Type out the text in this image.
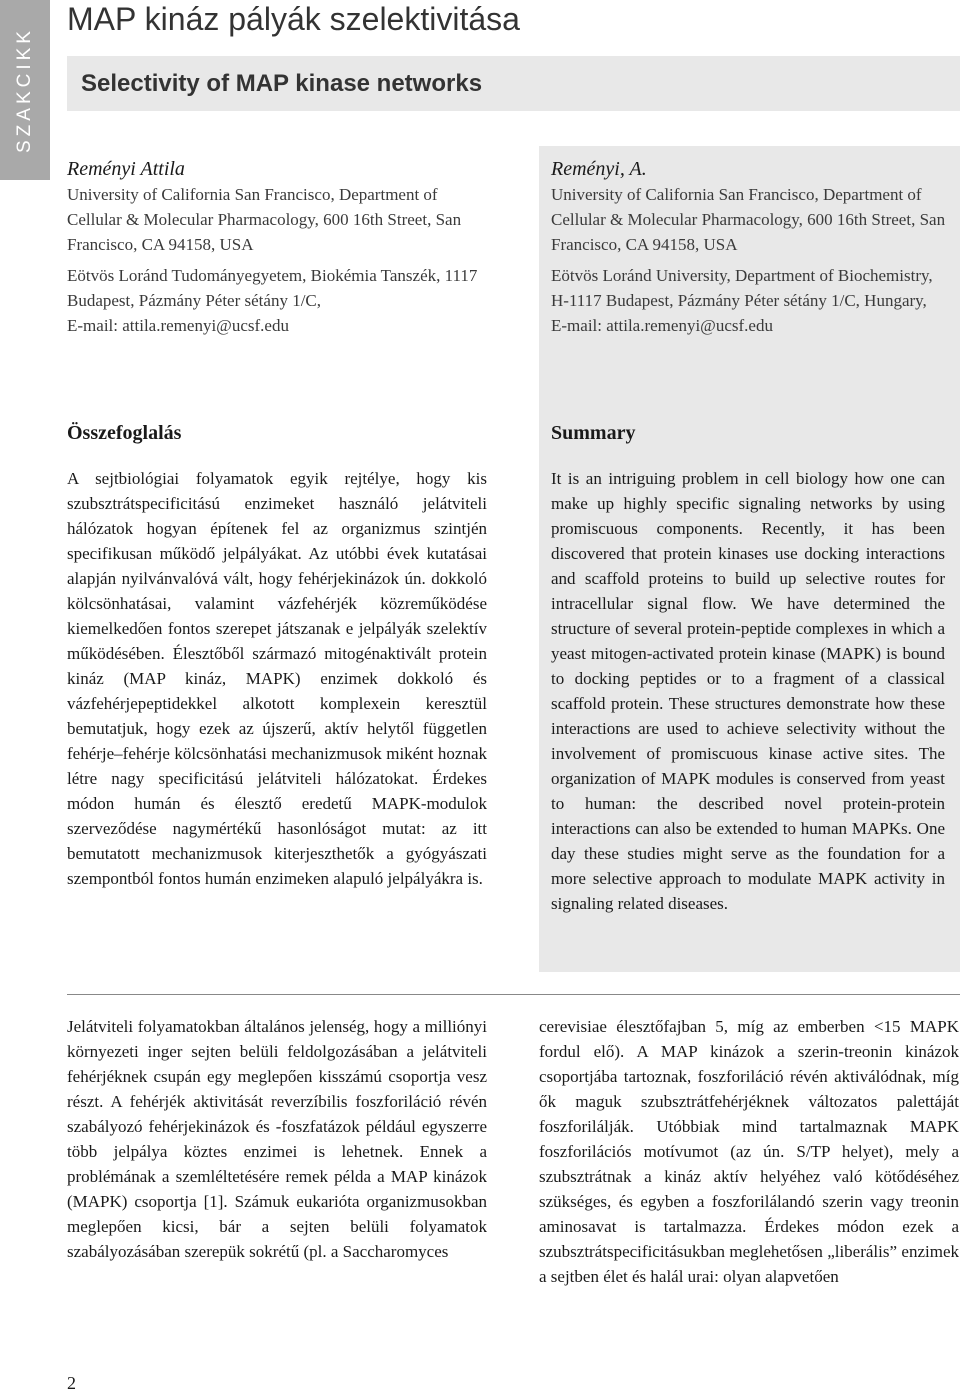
SZAKCIKK
MAP kináz pályák szelektivitása
Selectivity of MAP kinase networks

Reményi Attila

University of California San Francisco, Department of Cellular & Molecular Pharmacology, 600 16th Street, San Francisco, CA 94158, USA

Eötvös Loránd Tudományegyetem, Biokémia Tanszék, 1117 Budapest, Pázmány Péter sétány 1/C,

E-mail: attila.remenyi@ucsf.edu

Összefoglalás

A sejtbiológiai folyamatok egyik rejtélye, hogy kis szubsztrátspecificitású enzimeket használó jelátviteli hálózatok hogyan építenek fel az organizmus szintjén specifikusan működő jelpályákat. Az utóbbi évek kutatásai alapján nyilvánvalóvá vált, hogy fehérjekinázok ún. dokkoló kölcsönhatásai, valamint vázfehérjék közreműködése kiemelkedően fontos szerepet játszanak e jelpályák szelektív működésében. Élesztőből származó mitogénaktivált protein kináz (MAP kináz, MAPK) enzimek dokkoló és vázfehérjepeptidekkel alkotott komplexein keresztül bemutatjuk, hogy ezek az újszerű, aktív helytől független fehérje–fehérje kölcsönhatási mechanizmusok miként hoznak létre nagy specificitású jelátviteli hálózatokat. Érdekes módon humán és élesztő eredetű MAPK-modulok szerveződése nagymértékű hasonlóságot mutat: az itt bemutatott mechanizmusok kiterjeszthetők a gyógyászati szempontból fontos humán enzimeken alapuló jelpályákra is.

Reményi, A.

University of California San Francisco, Department of Cellular & Molecular Pharmacology, 600 16th Street, San Francisco, CA 94158, USA

Eötvös Loránd University, Department of Biochemistry, H-1117 Budapest, Pázmány Péter sétány 1/C, Hungary,

E-mail: attila.remenyi@ucsf.edu

Summary

It is an intriguing problem in cell biology how one can make up highly specific signaling networks by using promiscuous components. Recently, it has been discovered that protein kinases use docking interactions and scaffold proteins to build up selective routes for intracellular signal flow. We have determined the structure of several protein-peptide complexes in which a yeast mitogen-activated protein kinase (MAPK) is bound to docking peptides or to a fragment of a classical scaffold protein. These structures demonstrate how these interactions are used to achieve selectivity without the involvement of promiscuous kinase active sites. The organization of MAPK modules is conserved from yeast to human: the described novel protein-protein interactions can also be extended to human MAPKs. One day these studies might serve as the foundation for a more selective approach to modulate MAPK activity in signaling related diseases.

Jelátviteli folyamatokban általános jelenség, hogy a milliónyi környezeti inger sejten belüli feldolgozásában a jelátviteli fehérjéknek csupán egy meglepően kisszámú csoportja vesz részt. A fehérjék aktivitását reverzíbilis foszforiláció révén szabályozó fehérjekinázok és -foszfatázok például egyszerre több jelpálya köztes enzimei is lehetnek. Ennek a problémának a szemléltetésére remek példa a MAP kinázok (MAPK) csoportja [1]. Számuk eukarióta organizmusokban meglepően kicsi, bár a sejten belüli folyamatok szabályozásában szerepük sokrétű (pl. a Saccharomyces

cerevisiae élesztőfajban 5, míg az emberben <15 MAPK fordul elő). A MAP kinázok a szerin-treonin kinázok csoportjába tartoznak, foszforiláció révén aktiválódnak, míg ők maguk szubsztrátfehérjéknek változatos palettáját foszforilálják. Utóbbiak mind tartalmaznak MAPK foszforilációs motívumot (az ún. S/TP helyet), mely a szubsztrátnak a kináz aktív helyéhez való kötődéséhez szükséges, és egyben a foszforilálandó szerin vagy treonin aminosavat is tartalmazza. Érdekes módon ezek a szubsztrátspecificitásukban meglehetősen „liberális” enzimek a sejtben élet és halál urai: olyan alapvetően

2
